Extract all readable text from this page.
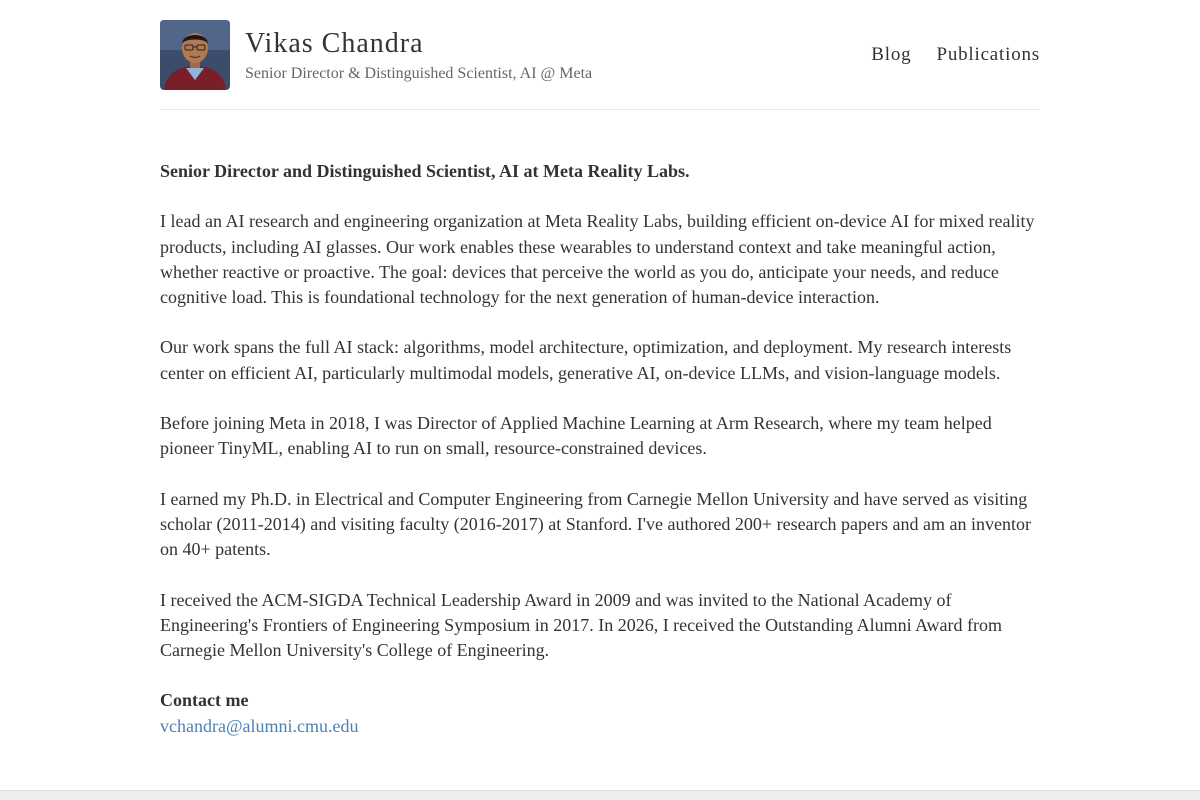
Vikas Chandra
Senior Director & Distinguished Scientist, AI @ Meta
Blog Publications

Senior Director and Distinguished Scientist, AI at Meta Reality Labs.

I lead an AI research and engineering organization at Meta Reality Labs, building efficient on-device AI for mixed reality products, including AI glasses. Our work enables these wearables to understand context and take meaningful action, whether reactive or proactive. The goal: devices that perceive the world as you do, anticipate your needs, and reduce cognitive load. This is foundational technology for the next generation of human-device interaction.

Our work spans the full AI stack: algorithms, model architecture, optimization, and deployment. My research interests center on efficient AI, particularly multimodal models, generative AI, on-device LLMs, and vision-language models.

Before joining Meta in 2018, I was Director of Applied Machine Learning at Arm Research, where my team helped pioneer TinyML, enabling AI to run on small, resource-constrained devices.

I earned my Ph.D. in Electrical and Computer Engineering from Carnegie Mellon University and have served as visiting scholar (2011-2014) and visiting faculty (2016-2017) at Stanford. I've authored 200+ research papers and am an inventor on 40+ patents.

I received the ACM-SIGDA Technical Leadership Award in 2009 and was invited to the National Academy of Engineering's Frontiers of Engineering Symposium in 2017. In 2026, I received the Outstanding Alumni Award from Carnegie Mellon University's College of Engineering.

Contact me
vchandra@alumni.cmu.edu
